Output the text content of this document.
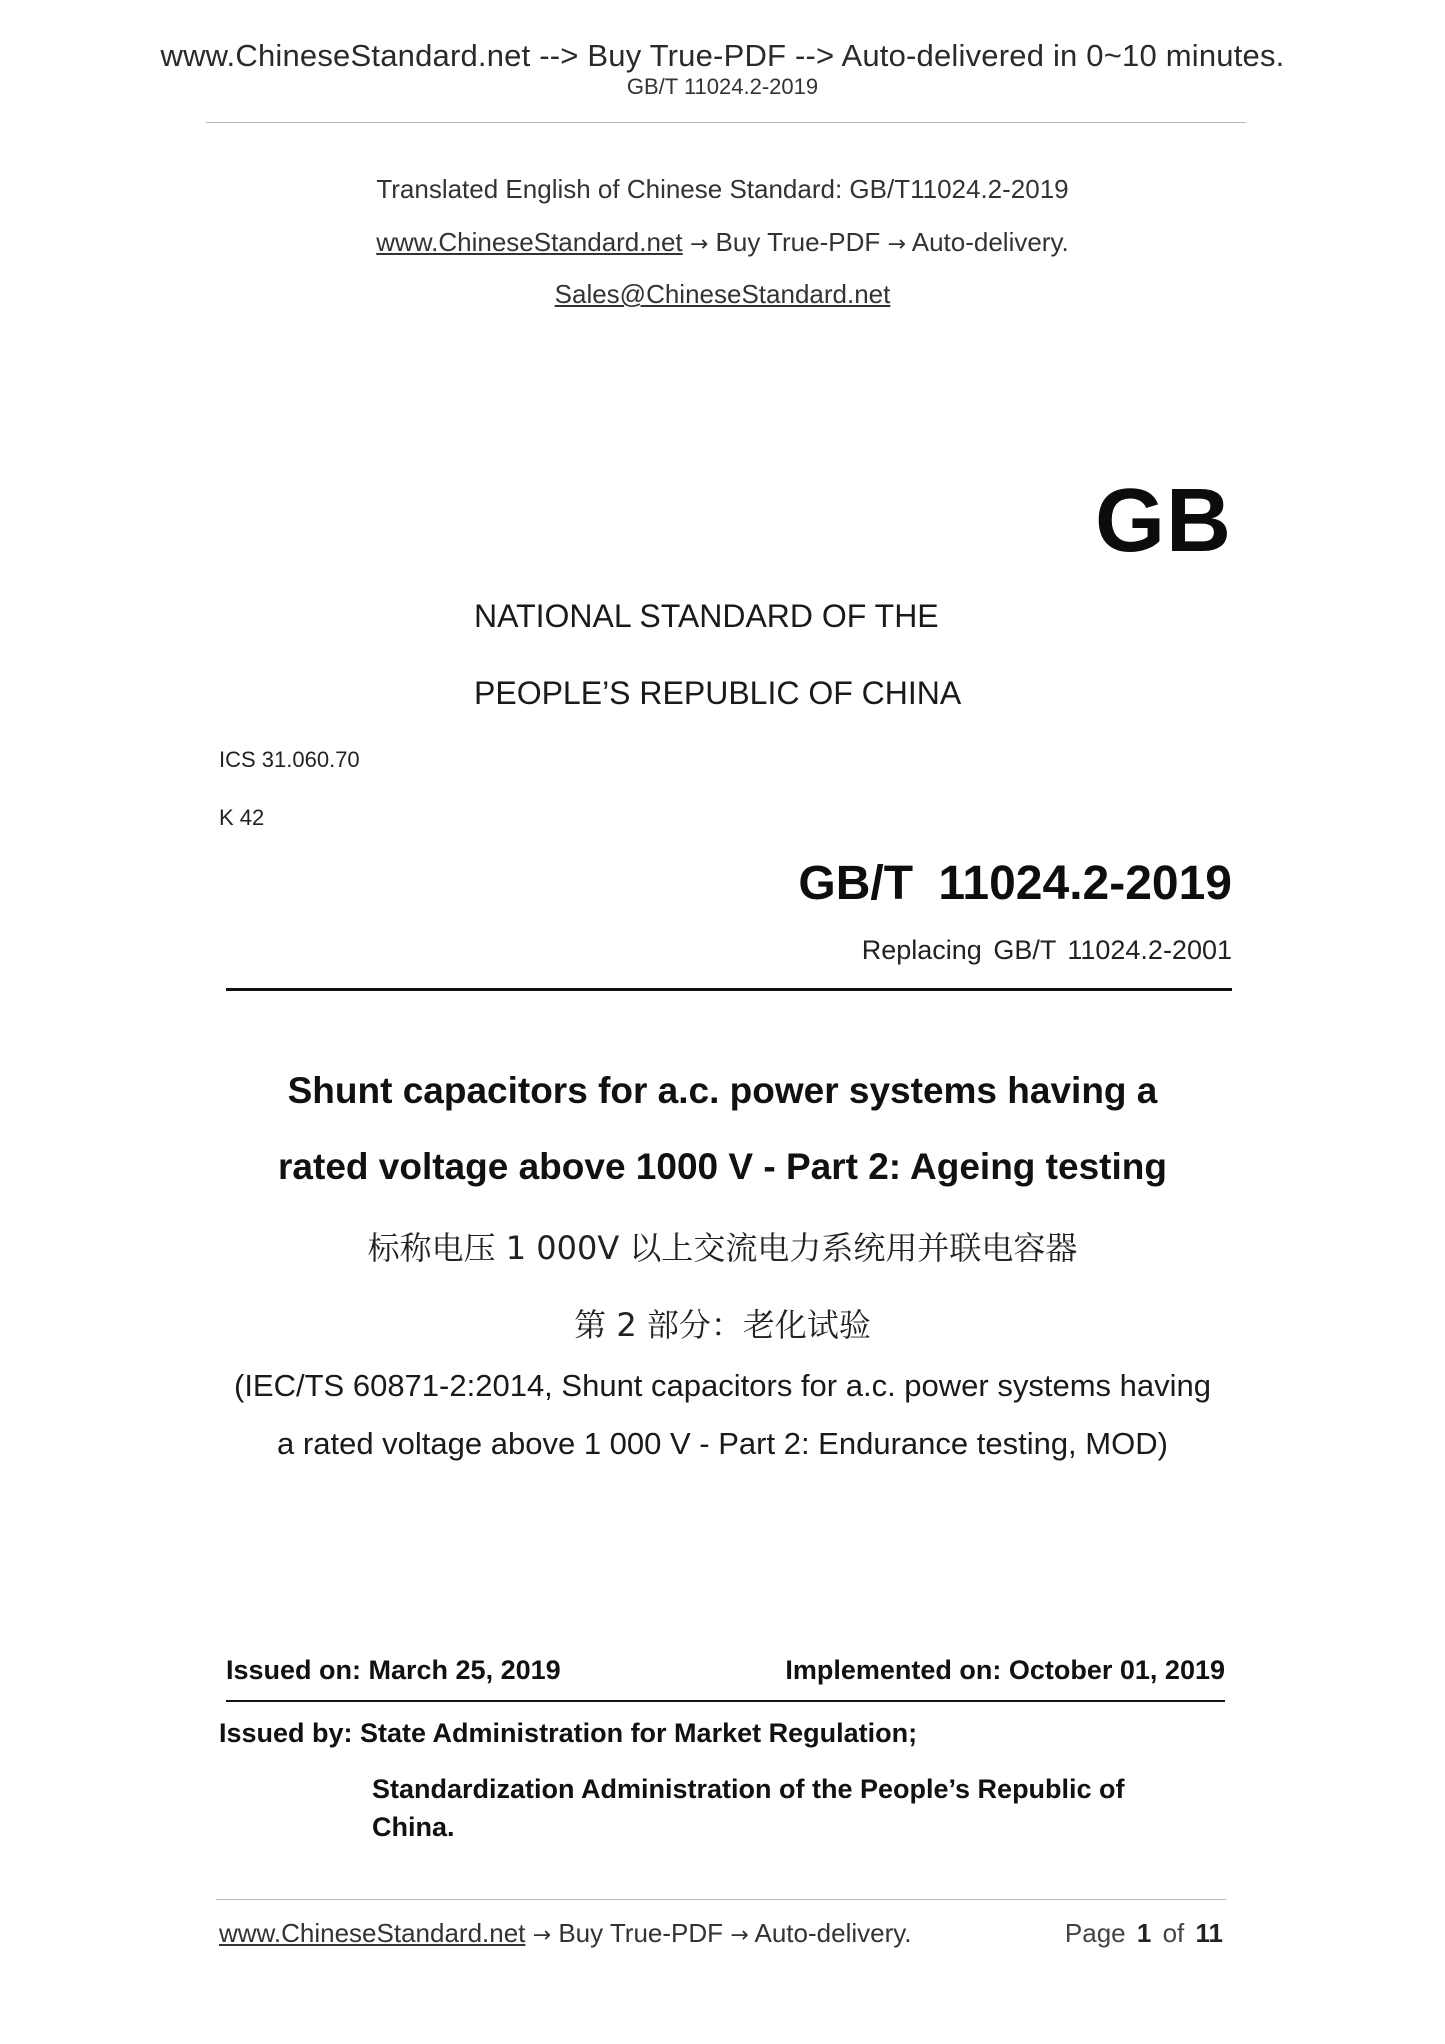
www.ChineseStandard.net --> Buy True-PDF --> Auto-delivered in 0~10 minutes.
GB/T 11024.2-2019
Translated English of Chinese Standard: GB/T11024.2-2019
www.ChineseStandard.net → Buy True-PDF → Auto-delivery.
Sales@ChineseStandard.net
GB
NATIONAL STANDARD OF THE
PEOPLE’S REPUBLIC OF CHINA
ICS 31.060.70
K 42
GB/T 11024.2-2019
Replacing GB/T 11024.2-2001
Shunt capacitors for a.c. power systems having a
rated voltage above 1000 V - Part 2: Ageing testing
标称电压 1 000V 以上交流电力系统用并联电容器
第 2 部分：老化试验
(IEC/TS 60871-2:2014, Shunt capacitors for a.c. power systems having
a rated voltage above 1 000 V - Part 2: Endurance testing, MOD)
Issued on: March 25, 2019	Implemented on: October 01, 2019
Issued by: State Administration for Market Regulation;
Standardization Administration of the People’s Republic of China.
www.ChineseStandard.net → Buy True-PDF → Auto-delivery.	Page 1 of 11
